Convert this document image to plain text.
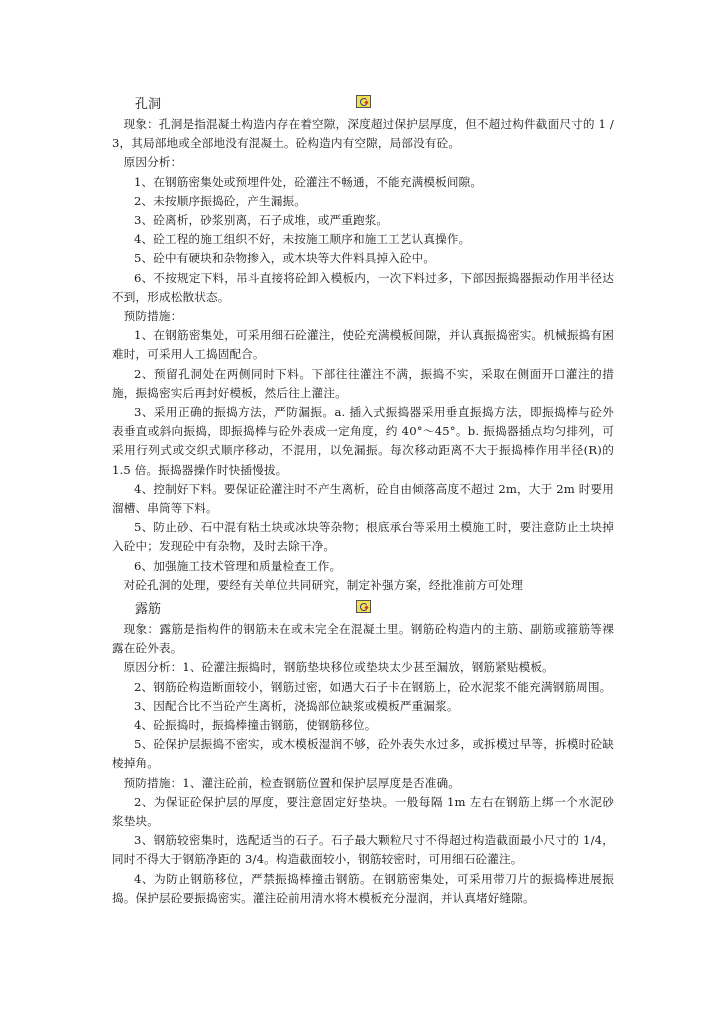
孔洞

现象：孔洞是指混凝土构造内存在着空隙，深度超过保护层厚度，但不超过构件截面尺寸的 1 / 3，其局部地或全部地没有混凝土。砼构造内有空隙，局部没有砼。

原因分析：

1、在钢筋密集处或预埋件处，砼灌注不畅通，不能充满模板间隙。

2、未按顺序振捣砼，产生漏振。

3、砼离析，砂浆别离，石子成堆，或严重跑浆。

4、砼工程的施工组织不好，未按施工顺序和施工工艺认真操作。

5、砼中有硬块和杂物掺入，或木块等大件料具掉入砼中。

6、不按规定下料，吊斗直接将砼卸入模板内，一次下料过多，下部因振捣器振动作用半径达不到，形成松散状态。

预防措施：

1、在钢筋密集处，可采用细石砼灌注，使砼充满模板间隙，并认真振捣密实。机械振捣有困难时，可采用人工捣固配合。

2、预留孔洞处在两侧同时下料。下部往往灌注不满，振捣不实，采取在侧面开口灌注的措施，振捣密实后再封好模板，然后往上灌注。

3、采用正确的振捣方法，严防漏振。a. 插入式振捣器采用垂直振捣方法，即振捣棒与砼外表垂直或斜向振捣，即振捣棒与砼外表成一定角度，约 40°～45°。b. 振捣器插点均匀排列，可采用行列式或交织式顺序移动，不混用，以免漏振。每次移动距离不大于振捣棒作用半径(R)的 1.5 倍。振捣器操作时快插慢拔。

4、控制好下料。要保证砼灌注时不产生离析，砼自由倾落高度不超过 2m，大于 2m 时要用溜槽、串筒等下料。

5、防止砂、石中混有粘土块或冰块等杂物；根底承台等采用土模施工时，要注意防止土块掉入砼中；发现砼中有杂物，及时去除干净。

6、加强施工技术管理和质量检查工作。

对砼孔洞的处理，要经有关单位共同研究，制定补强方案，经批准前方可处理

露筋

现象：露筋是指构件的钢筋未在或未完全在混凝土里。钢筋砼构造内的主筋、副筋或箍筋等裸露在砼外表。

原因分析：1、砼灌注振捣时，钢筋垫块移位或垫块太少甚至漏放，钢筋紧贴模板。

2、钢筋砼构造断面较小，钢筋过密，如遇大石子卡在钢筋上，砼水泥浆不能充满钢筋周围。

3、因配合比不当砼产生离析，浇捣部位缺浆或模板严重漏浆。

4、砼振捣时，振捣棒撞击钢筋，使钢筋移位。

5、砼保护层振捣不密实，或木模板湿润不够，砼外表失水过多，或拆模过早等，拆模时砼缺棱掉角。

预防措施：1、灌注砼前，检查钢筋位置和保护层厚度是否准确。

2、为保证砼保护层的厚度，要注意固定好垫块。一般每隔 1m 左右在钢筋上绑一个水泥砂浆垫块。

3、钢筋较密集时，选配适当的石子。石子最大颗粒尺寸不得超过构造截面最小尺寸的 1/4，同时不得大于钢筋净距的 3/4。构造截面较小，钢筋较密时，可用细石砼灌注。

4、为防止钢筋移位，严禁振捣棒撞击钢筋。在钢筋密集处，可采用带刀片的振捣棒进展振捣。保护层砼要振捣密实。灌注砼前用清水将木模板充分湿润，并认真堵好缝隙。
